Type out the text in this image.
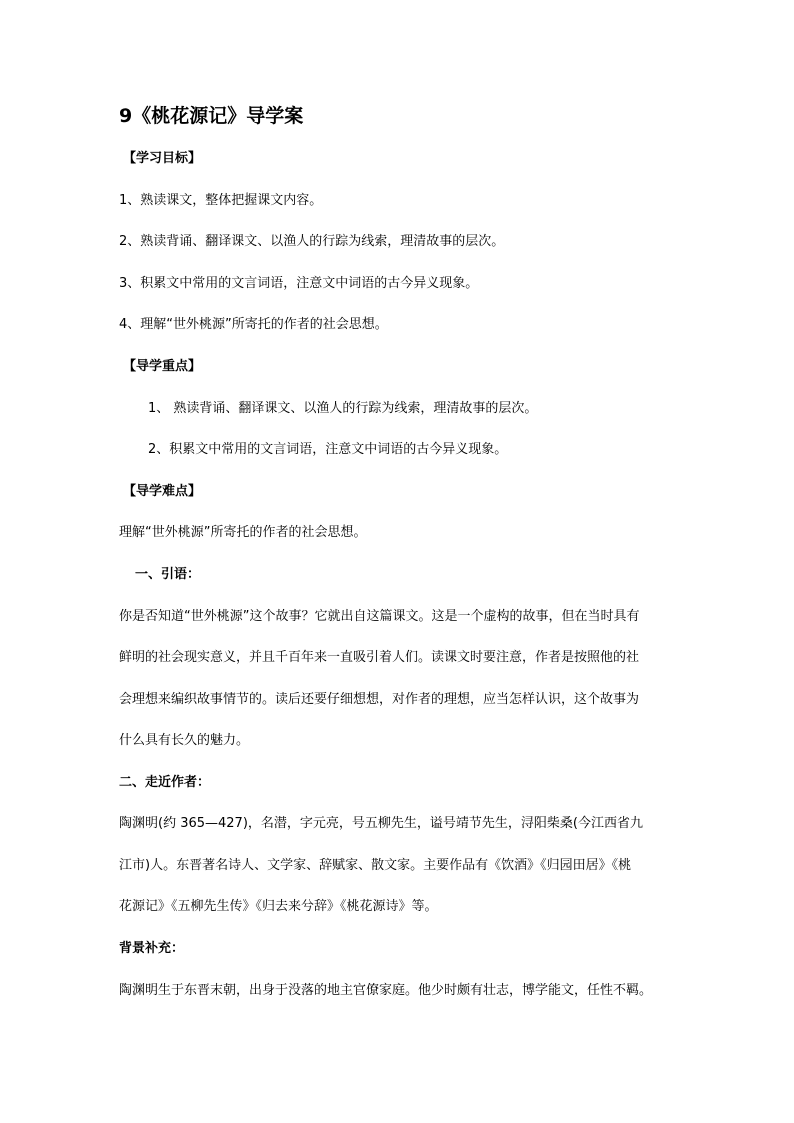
9《桃花源记》导学案
【学习目标】
1、熟读课文，整体把握课文内容。
2、熟读背诵、翻译课文、以渔人的行踪为线索，理清故事的层次。
3、积累文中常用的文言词语，注意文中词语的古今异义现象。
4、理解“世外桃源”所寄托的作者的社会思想。
【导学重点】
1、 熟读背诵、翻译课文、以渔人的行踪为线索，理清故事的层次。
2、积累文中常用的文言词语，注意文中词语的古今异义现象。
【导学难点】
理解“世外桃源”所寄托的作者的社会思想。
一、引语：
你是否知道“世外桃源”这个故事？它就出自这篇课文。这是一个虚构的故事，但在当时具有
鲜明的社会现实意义，并且千百年来一直吸引着人们。读课文时要注意，作者是按照他的社
会理想来编织故事情节的。读后还要仔细想想，对作者的理想，应当怎样认识，这个故事为
什么具有长久的魅力。
二、走近作者：
陶渊明(约 365—427)，名潜，字元亮，号五柳先生，谥号靖节先生，浔阳柴桑(今江西省九
江市)人。东晋著名诗人、文学家、辞赋家、散文家。主要作品有《饮酒》《归园田居》《桃
花源记》《五柳先生传》《归去来兮辞》《桃花源诗》等。
背景补充：
陶渊明生于东晋末朝，出身于没落的地主官僚家庭。他少时颇有壮志，博学能文，任性不羁。
